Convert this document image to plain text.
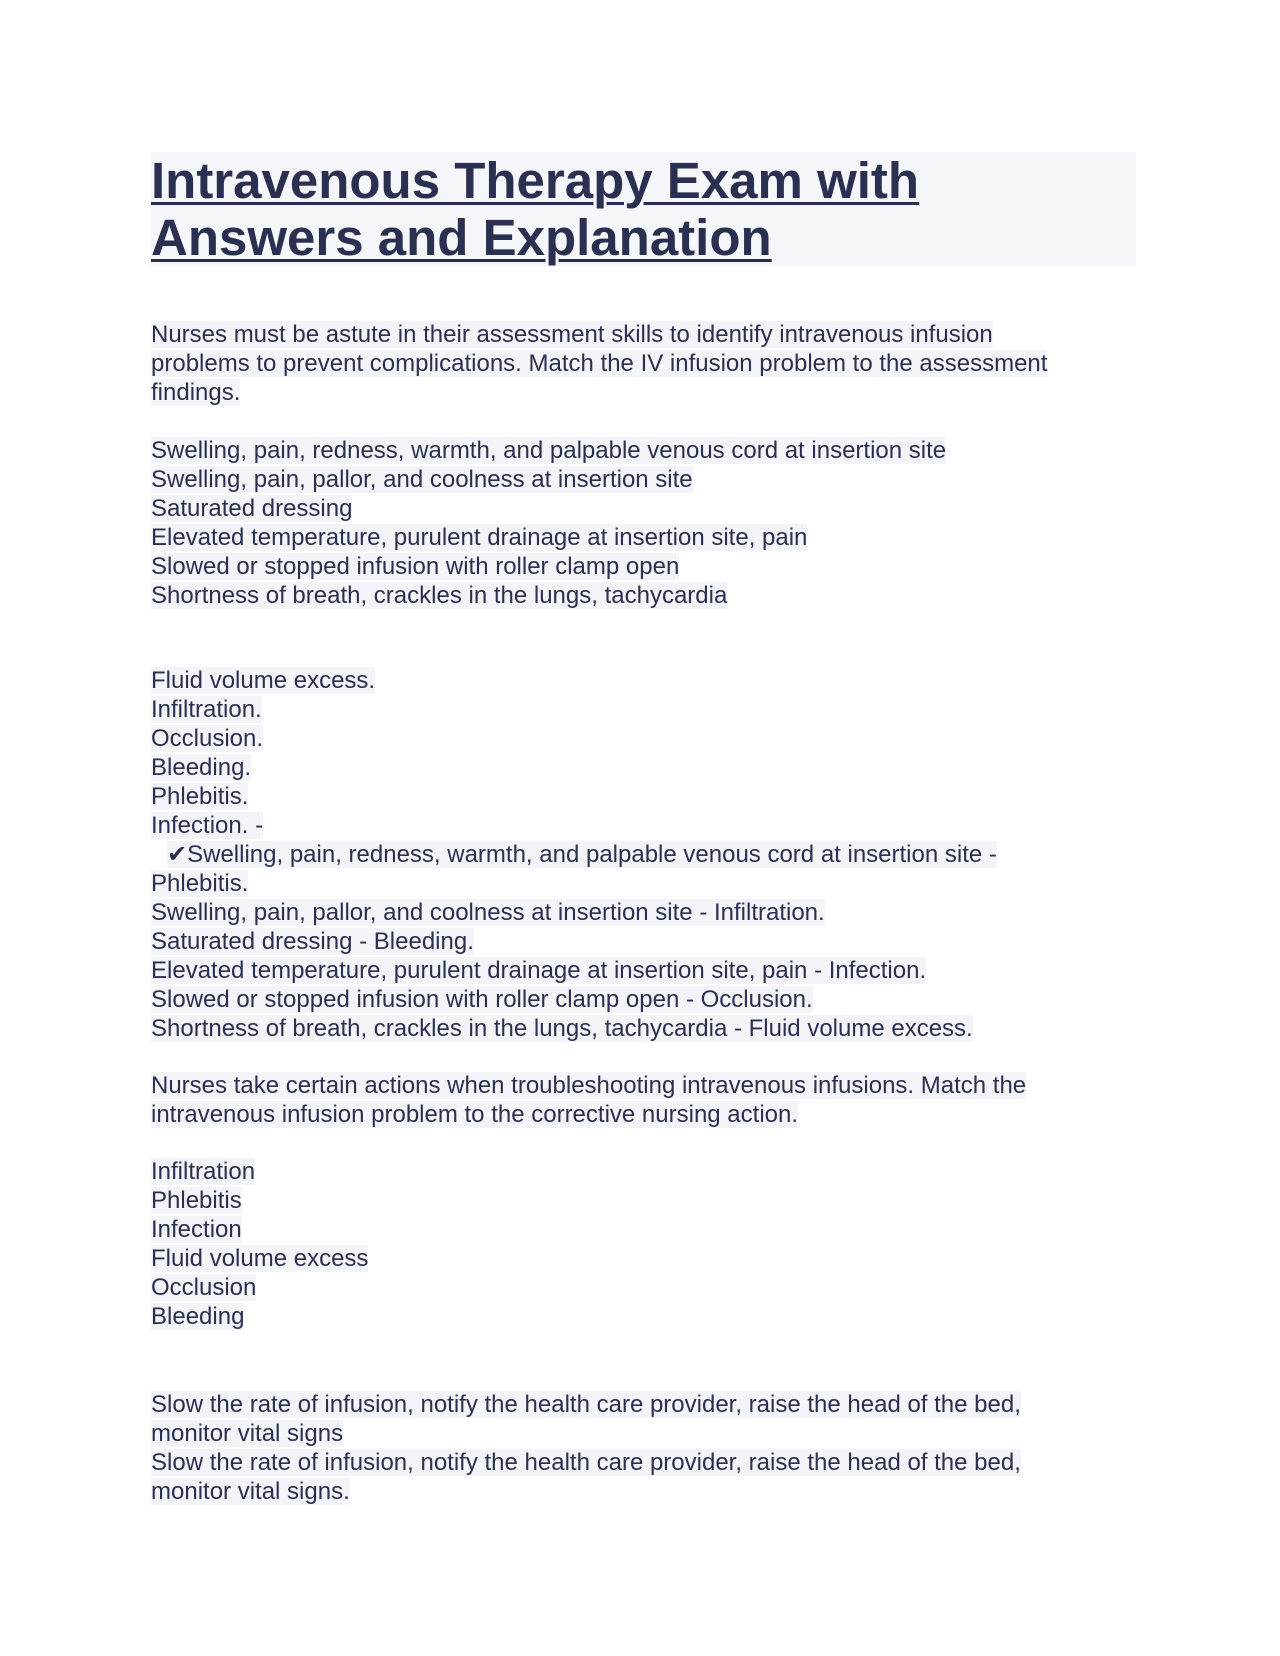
Intravenous Therapy Exam with Answers and Explanation
Nurses must be astute in their assessment skills to identify intravenous infusion
problems to prevent complications. Match the IV infusion problem to the assessment
findings.
Swelling, pain, redness, warmth, and palpable venous cord at insertion site
Swelling, pain, pallor, and coolness at insertion site
Saturated dressing
Elevated temperature, purulent drainage at insertion site, pain
Slowed or stopped infusion with roller clamp open
Shortness of breath, crackles in the lungs, tachycardia
Fluid volume excess.
Infiltration.
Occlusion.
Bleeding.
Phlebitis.
Infection. -
✔Swelling, pain, redness, warmth, and palpable venous cord at insertion site -
Phlebitis.
Swelling, pain, pallor, and coolness at insertion site - Infiltration.
Saturated dressing - Bleeding.
Elevated temperature, purulent drainage at insertion site, pain - Infection.
Slowed or stopped infusion with roller clamp open - Occlusion.
Shortness of breath, crackles in the lungs, tachycardia - Fluid volume excess.
Nurses take certain actions when troubleshooting intravenous infusions. Match the
intravenous infusion problem to the corrective nursing action.
Infiltration
Phlebitis
Infection
Fluid volume excess
Occlusion
Bleeding
Slow the rate of infusion, notify the health care provider, raise the head of the bed,
monitor vital signs
Slow the rate of infusion, notify the health care provider, raise the head of the bed,
monitor vital signs.
